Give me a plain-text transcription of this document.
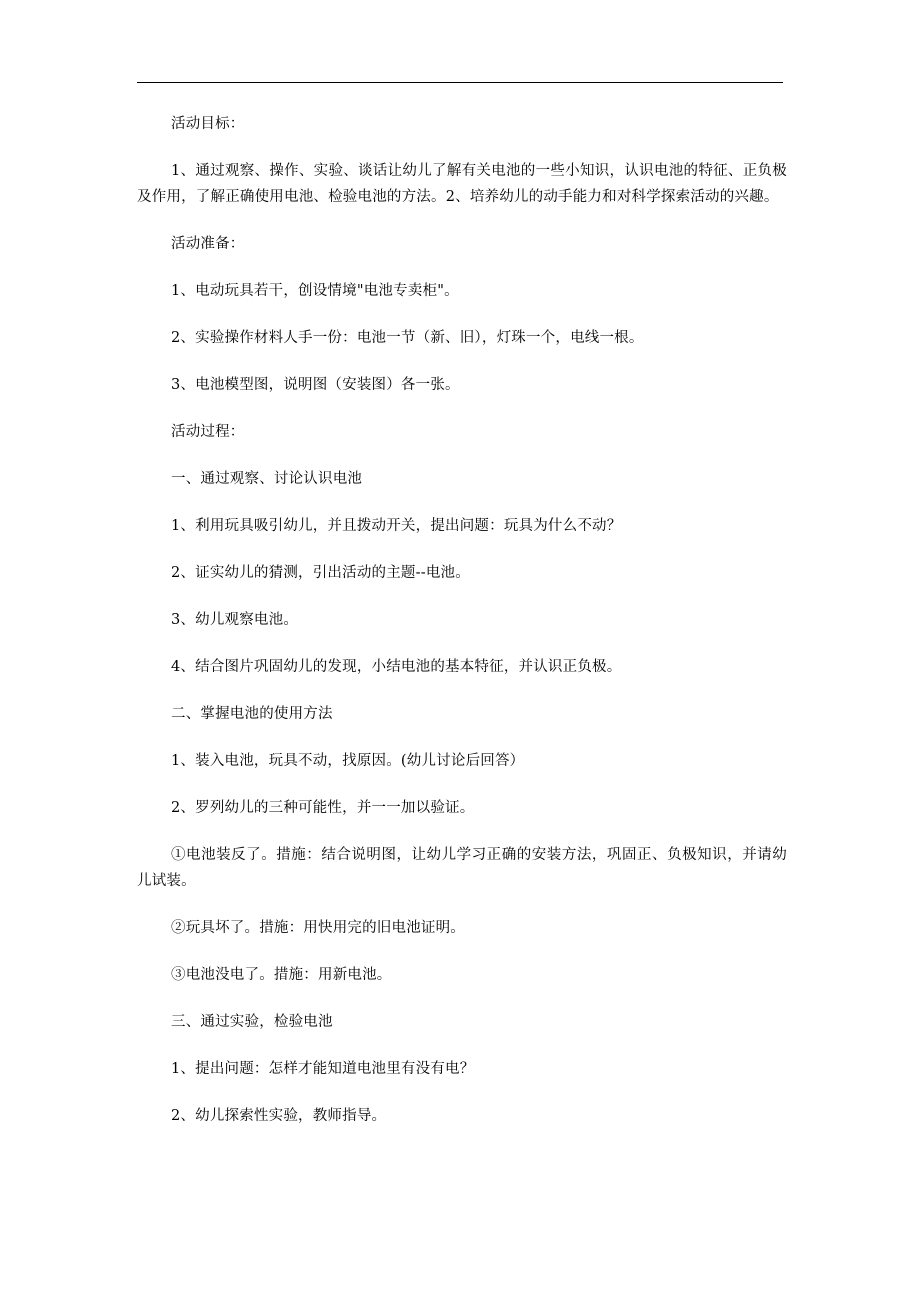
活动目标：

1、通过观察、操作、实验、谈话让幼儿了解有关电池的一些小知识，认识电池的特征、正负极及作用，了解正确使用电池、检验电池的方法。2、培养幼儿的动手能力和对科学探索活动的兴趣。

活动准备：

1、电动玩具若干，创设情境"电池专卖柜"。

2、实验操作材料人手一份：电池一节（新、旧），灯珠一个，电线一根。

3、电池模型图，说明图（安装图）各一张。

活动过程：

一、通过观察、讨论认识电池

1、利用玩具吸引幼儿，并且拨动开关，提出问题：玩具为什么不动？

2、证实幼儿的猜测，引出活动的主题--电池。

3、幼儿观察电池。

4、结合图片巩固幼儿的发现，小结电池的基本特征，并认识正负极。

二、掌握电池的使用方法

1、装入电池，玩具不动，找原因。(幼儿讨论后回答）

2、罗列幼儿的三种可能性，并一一加以验证。

①电池装反了。措施：结合说明图，让幼儿学习正确的安装方法，巩固正、负极知识，并请幼儿试装。

②玩具坏了。措施：用快用完的旧电池证明。

③电池没电了。措施：用新电池。

三、通过实验，检验电池

1、提出问题：怎样才能知道电池里有没有电？

2、幼儿探索性实验，教师指导。
